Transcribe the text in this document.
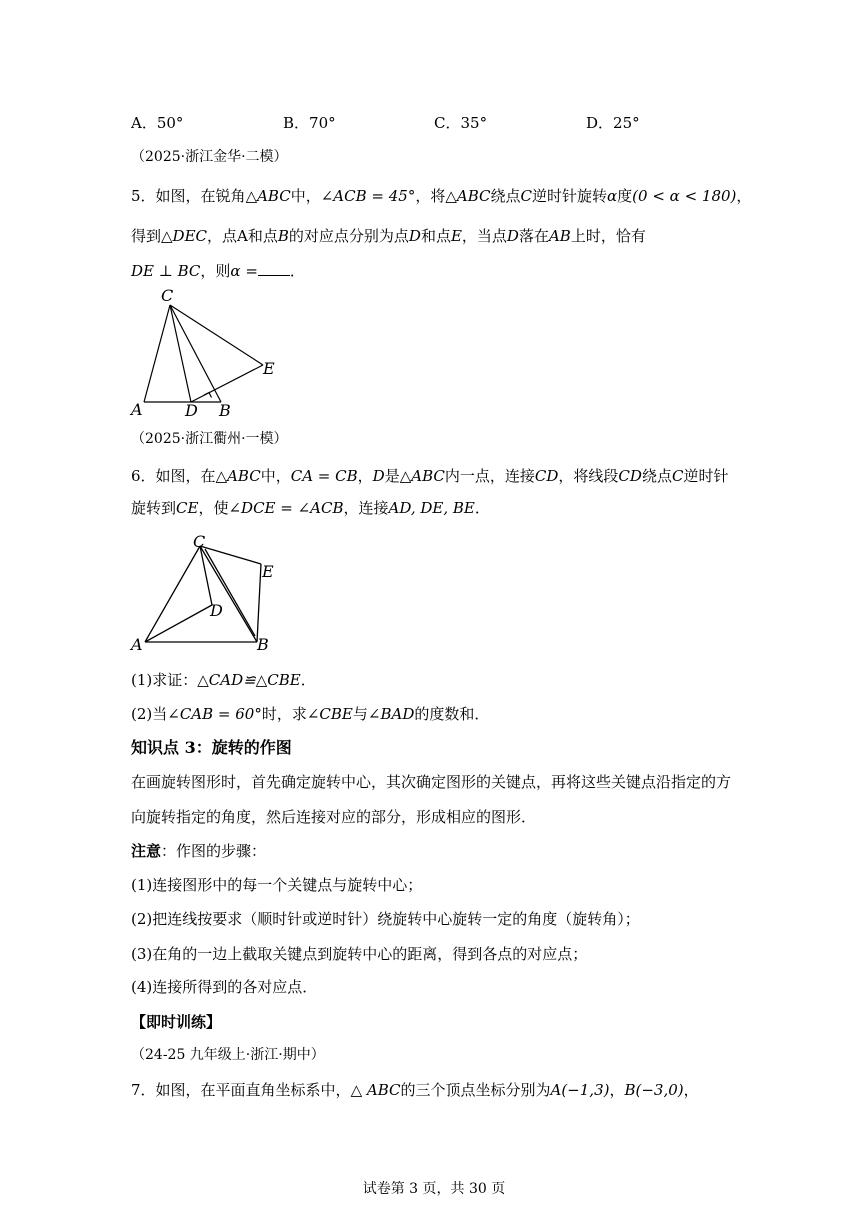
A．50°	B．70°	C．35°	D．25°
（2025·浙江金华·二模）
5．如图，在锐角△ABC中，∠ACB = 45°，将△ABC绕点C逆时针旋转α度(0 < α < 180)，
得到△DEC，点A和点B的对应点分别为点D和点E，当点D落在AB上时，恰有
DE ⊥ BC，则α = ．
C
E
A	D B
（2025·浙江衢州·一模）
6．如图，在△ABC中，CA = CB，D是△ABC内一点，连接CD，将线段CD绕点C逆时针
旋转到CE，使∠DCE = ∠ACB，连接AD, DE, BE．
C
E
D
A	B
(1)求证：△CAD≌△CBE．
(2)当∠CAB = 60°时，求∠CBE与∠BAD的度数和．
知识点 3：旋转的作图
在画旋转图形时，首先确定旋转中心，其次确定图形的关键点，再将这些关键点沿指定的方
向旋转指定的角度，然后连接对应的部分，形成相应的图形．
注意：作图的步骤：
(1)连接图形中的每一个关键点与旋转中心；
(2)把连线按要求（顺时针或逆时针）绕旋转中心旋转一定的角度（旋转角）；
(3)在角的一边上截取关键点到旋转中心的距离，得到各点的对应点；
(4)连接所得到的各对应点．
【即时训练】
（24-25 九年级上·浙江·期中）
7．如图，在平面直角坐标系中，△ ABC的三个顶点坐标分别为A(−1,3)，B(−3,0)，
试卷第 3 页，共 30 页
